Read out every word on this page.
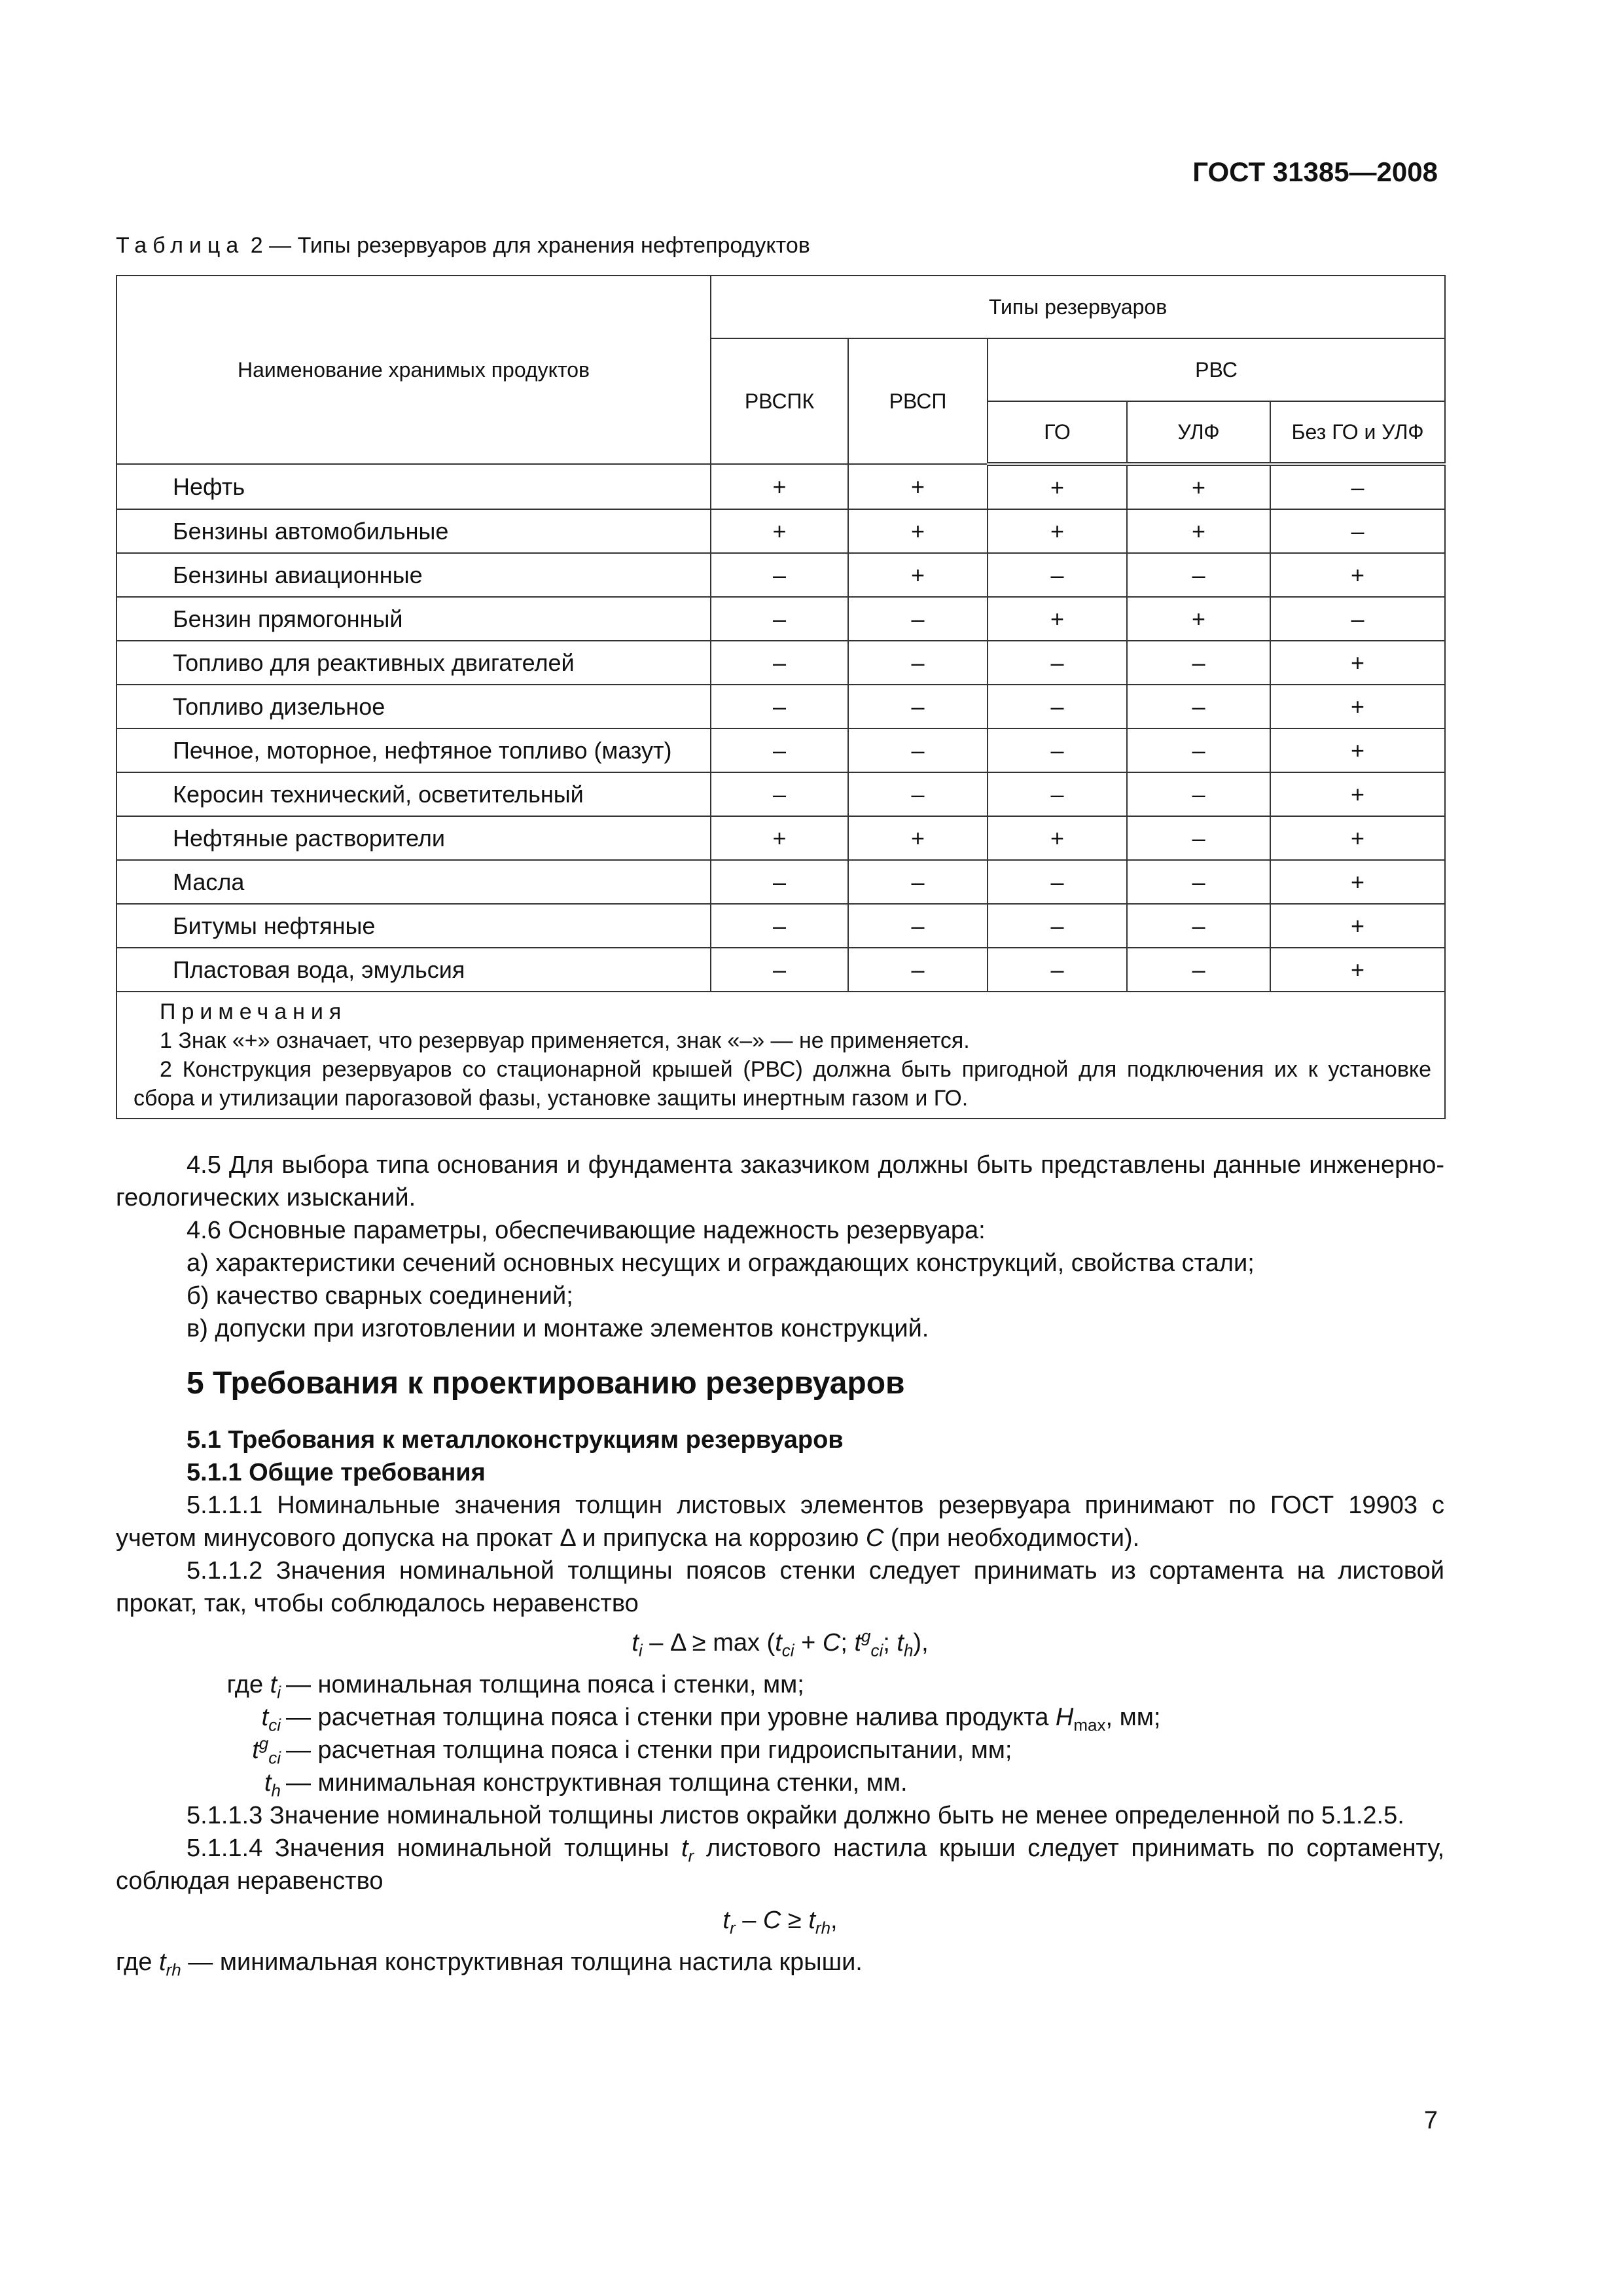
ГОСТ 31385—2008
Таблица 2 — Типы резервуаров для хранения нефтепродуктов
Наименование хранимых продуктов	Типы резервуаров				
	РВСПК	РВСП	РВС		
			ГО	УЛФ	Без ГО и УЛФ
Нефть	+	+	+	+	–
Бензины автомобильные	+	+	+	+	–
Бензины авиационные	–	+	–	–	+
Бензин прямогонный	–	–	+	+	–
Топливо для реактивных двигателей	–	–	–	–	+
Топливо дизельное	–	–	–	–	+
Печное, моторное, нефтяное топливо (мазут)	–	–	–	–	+
Керосин технический, осветительный	–	–	–	–	+
Нефтяные растворители	+	+	+	–	+
Масла	–	–	–	–	+
Битумы нефтяные	–	–	–	–	+
Пластовая вода, эмульсия	–	–	–	–	+

Примечания
1 Знак «+» означает, что резервуар применяется, знак «–» — не применяется.
2 Конструкция резервуаров со стационарной крышей (РВС) должна быть пригодной для подключения их к установке сбора и утилизации парогазовой фазы, установке защиты инертным газом и ГО.					
4.5 Для выбора типа основания и фундамента заказчиком должны быть представлены данные инженерно-геологических изысканий.
4.6 Основные параметры, обеспечивающие надежность резервуара:
а) характеристики сечений основных несущих и ограждающих конструкций, свойства стали;
б) качество сварных соединений;
в) допуски при изготовлении и монтаже элементов конструкций.
5 Требования к проектированию резервуаров
5.1 Требования к металлоконструкциям резервуаров
5.1.1 Общие требования
5.1.1.1 Номинальные значения толщин листовых элементов резервуара принимают по ГОСТ 19903 с учетом минусового допуска на прокат Δ и припуска на коррозию C (при необходимости).
5.1.1.2 Значения номинальной толщины поясов стенки следует принимать из сортамента на листовой прокат, так, чтобы соблюдалось неравенство
$t_i - \Delta \ge \max (t_{ci} + C$; $t^g_{ci}$; $t_h$),
где $t_i$ — номинальная толщина пояса i стенки, мм;
$t_{ci}$ — расчетная толщина пояса i стенки при уровне налива продукта $H_{max}$, мм;
$t^g_{ci}$ — расчетная толщина пояса i стенки при гидроиспытании, мм;
$t_h$ — минимальная конструктивная толщина стенки, мм.
5.1.1.3 Значение номинальной толщины листов окрайки должно быть не менее определенной по 5.1.2.5.
5.1.1.4 Значения номинальной толщины $t_r$ листового настила крыши следует принимать по сортаменту, соблюдая неравенство
$t_r - C \ge t_{rh}$,
где $t_{rh}$ — минимальная конструктивная толщина настила крыши.
7
